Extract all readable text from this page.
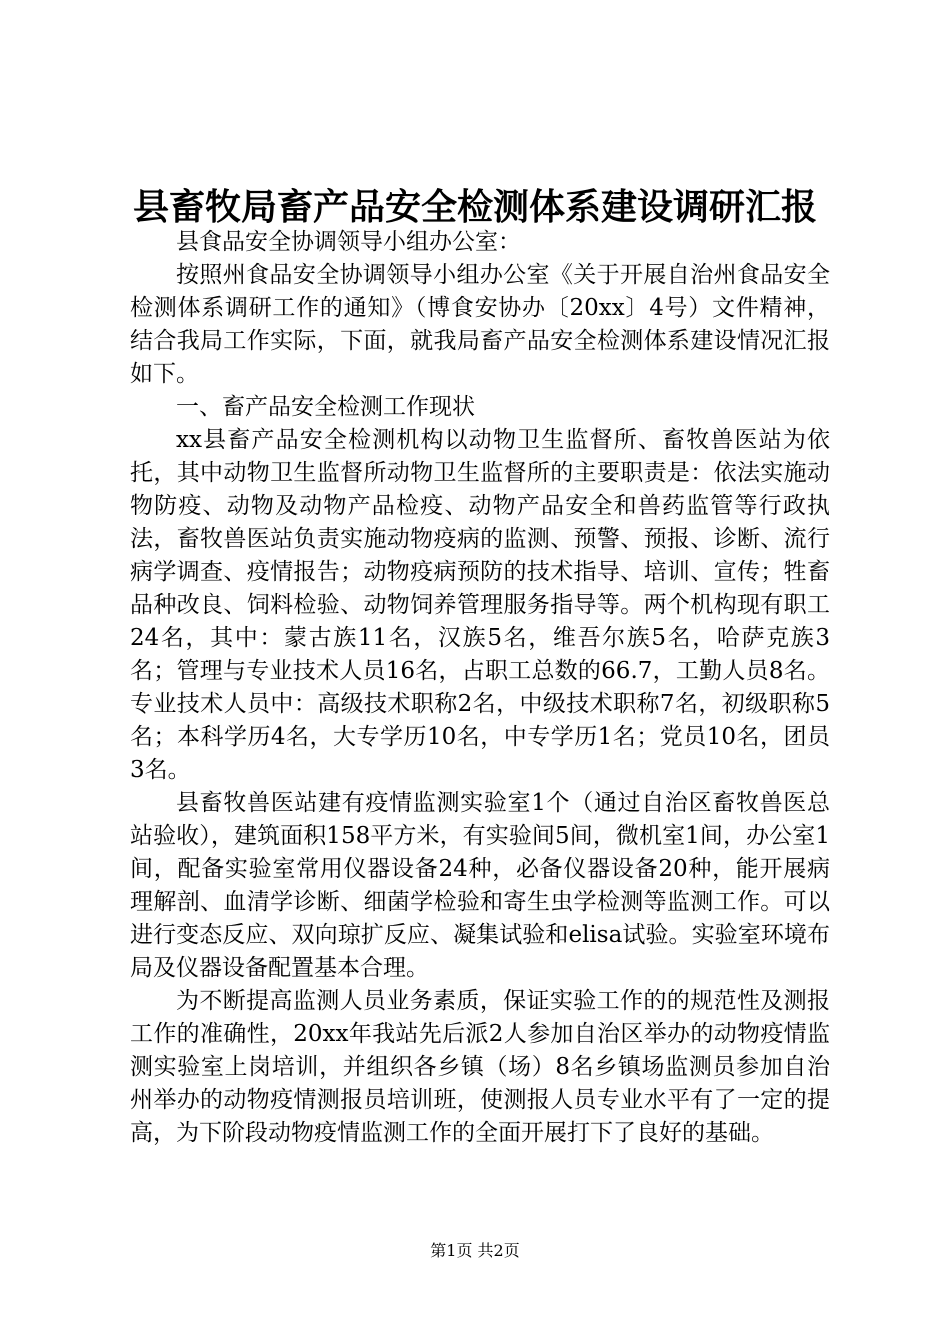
县畜牧局畜产品安全检测体系建设调研汇报

县食品安全协调领导小组办公室：

按照州食品安全协调领导小组办公室《关于开展自治州食品安全检测体系调研工作的通知》（博食安协办〔20xx〕4号）文件精神，结合我局工作实际，下面，就我局畜产品安全检测体系建设情况汇报如下。

一、畜产品安全检测工作现状

xx县畜产品安全检测机构以动物卫生监督所、畜牧兽医站为依托，其中动物卫生监督所动物卫生监督所的主要职责是：依法实施动物防疫、动物及动物产品检疫、动物产品安全和兽药监管等行政执法，畜牧兽医站负责实施动物疫病的监测、预警、预报、诊断、流行病学调查、疫情报告；动物疫病预防的技术指导、培训、宣传；牲畜品种改良、饲料检验、动物饲养管理服务指导等。两个机构现有职工24名，其中：蒙古族11名，汉族5名，维吾尔族5名，哈萨克族3名；管理与专业技术人员16名，占职工总数的66.7，工勤人员8名。专业技术人员中：高级技术职称2名，中级技术职称7名，初级职称5名；本科学历4名，大专学历10名，中专学历1名；党员10名，团员3名。

县畜牧兽医站建有疫情监测实验室1个（通过自治区畜牧兽医总站验收），建筑面积158平方米，有实验间5间，微机室1间，办公室1间，配备实验室常用仪器设备24种，必备仪器设备20种，能开展病理解剖、血清学诊断、细菌学检验和寄生虫学检测等监测工作。可以进行变态反应、双向琼扩反应、凝集试验和elisa试验。实验室环境布局及仪器设备配置基本合理。

为不断提高监测人员业务素质，保证实验工作的的规范性及测报工作的准确性，20xx年我站先后派2人参加自治区举办的动物疫情监测实验室上岗培训，并组织各乡镇（场）8名乡镇场监测员参加自治州举办的动物疫情测报员培训班，使测报人员专业水平有了一定的提高，为下阶段动物疫情监测工作的全面开展打下了良好的基础。

第1页 共2页
